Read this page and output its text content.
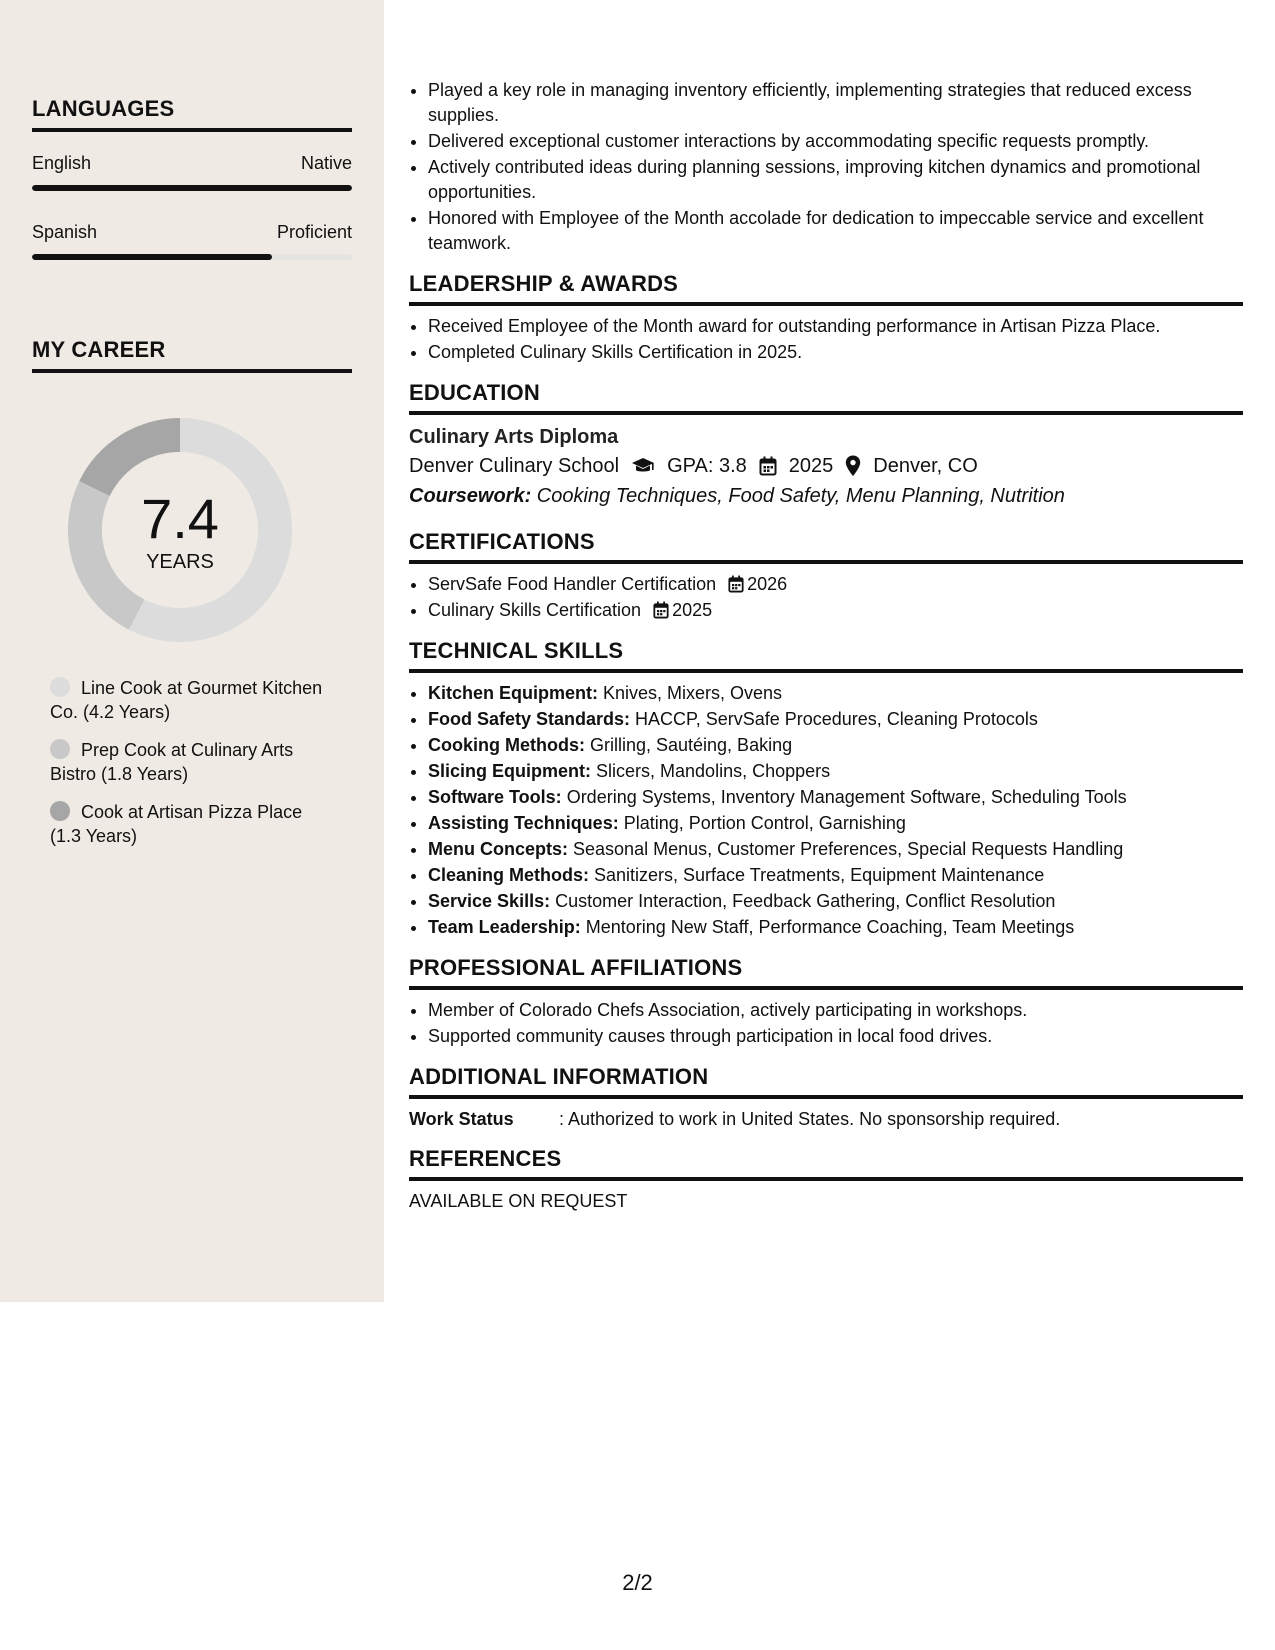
LANGUAGES
English	Native
Spanish	Proficient
MY CAREER
7.4
YEARS
Line Cook at Gourmet Kitchen Co. (4.2 Years)
Prep Cook at Culinary Arts Bistro (1.8 Years)
Cook at Artisan Pizza Place (1.3 Years)
• Played a key role in managing inventory efficiently, implementing strategies that reduced excess supplies.
• Delivered exceptional customer interactions by accommodating specific requests promptly.
• Actively contributed ideas during planning sessions, improving kitchen dynamics and promotional opportunities.
• Honored with Employee of the Month accolade for dedication to impeccable service and excellent teamwork.
LEADERSHIP & AWARDS
• Received Employee of the Month award for outstanding performance in Artisan Pizza Place.
• Completed Culinary Skills Certification in 2025.
EDUCATION
Culinary Arts Diploma
Denver Culinary School GPA: 3.8 2025 Denver, CO
Coursework: Cooking Techniques, Food Safety, Menu Planning, Nutrition
CERTIFICATIONS
• ServSafe Food Handler Certification 2026
• Culinary Skills Certification 2025
TECHNICAL SKILLS
• Kitchen Equipment: Knives, Mixers, Ovens
• Food Safety Standards: HACCP, ServSafe Procedures, Cleaning Protocols
• Cooking Methods: Grilling, Sautéing, Baking
• Slicing Equipment: Slicers, Mandolins, Choppers
• Software Tools: Ordering Systems, Inventory Management Software, Scheduling Tools
• Assisting Techniques: Plating, Portion Control, Garnishing
• Menu Concepts: Seasonal Menus, Customer Preferences, Special Requests Handling
• Cleaning Methods: Sanitizers, Surface Treatments, Equipment Maintenance
• Service Skills: Customer Interaction, Feedback Gathering, Conflict Resolution
• Team Leadership: Mentoring New Staff, Performance Coaching, Team Meetings
PROFESSIONAL AFFILIATIONS
• Member of Colorado Chefs Association, actively participating in workshops.
• Supported community causes through participation in local food drives.
ADDITIONAL INFORMATION
Work Status	: Authorized to work in United States. No sponsorship required.
REFERENCES
AVAILABLE ON REQUEST
2/2
